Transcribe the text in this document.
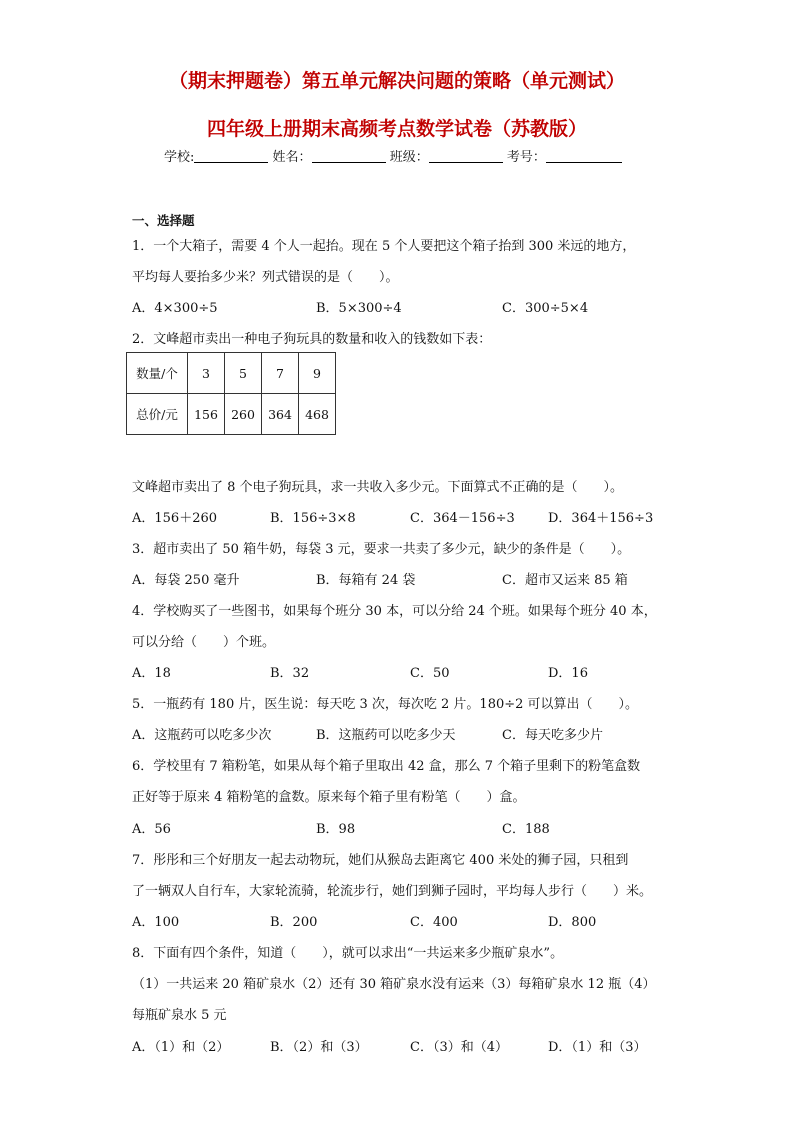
（期末押题卷）第五单元解决问题的策略（单元测试）
四年级上册期末高频考点数学试卷（苏教版）
学校:	姓名：	班级：	考号：
一、选择题
1．一个大箱子，需要 4 个人一起抬。现在 5 个人要把这个箱子抬到 300 米远的地方，
平均每人要抬多少米？列式错误的是（　　）。
A．4×300÷5	B．5×300÷4	C．300÷5×4
2．文峰超市卖出一种电子狗玩具的数量和收入的钱数如下表：
数量/个	3	5	7	9
总价/元	156	260	364	468
文峰超市卖出了 8 个电子狗玩具，求一共收入多少元。下面算式不正确的是（　　）。
A．156＋260	B．156÷3×8	C．364－156÷3	D．364＋156÷3
3．超市卖出了 50 箱牛奶，每袋 3 元，要求一共卖了多少元，缺少的条件是（　　）。
A．每袋 250 毫升	B．每箱有 24 袋	C．超市又运来 85 箱
4．学校购买了一些图书，如果每个班分 30 本，可以分给 24 个班。如果每个班分 40 本，
可以分给（　　）个班。
A．18	B．32	C．50	D．16
5．一瓶药有 180 片，医生说：每天吃 3 次，每次吃 2 片。180÷2 可以算出（　　）。
A．这瓶药可以吃多少次	B．这瓶药可以吃多少天	C．每天吃多少片
6．学校里有 7 箱粉笔，如果从每个箱子里取出 42 盒，那么 7 个箱子里剩下的粉笔盒数
正好等于原来 4 箱粉笔的盒数。原来每个箱子里有粉笔（　　）盒。
A．56	B．98	C．188
7．彤彤和三个好朋友一起去动物玩，她们从猴岛去距离它 400 米处的狮子园，只租到
了一辆双人自行车，大家轮流骑，轮流步行，她们到狮子园时，平均每人步行（　　）米。
A．100	B．200	C．400	D．800
8．下面有四个条件，知道（　　），就可以求出“一共运来多少瓶矿泉水”。
（1）一共运来 20 箱矿泉水（2）还有 30 箱矿泉水没有运来（3）每箱矿泉水 12 瓶（4）
每瓶矿泉水 5 元
A．（1）和（2）	B．（2）和（3）	C．（3）和（4）	D．（1）和（3）
